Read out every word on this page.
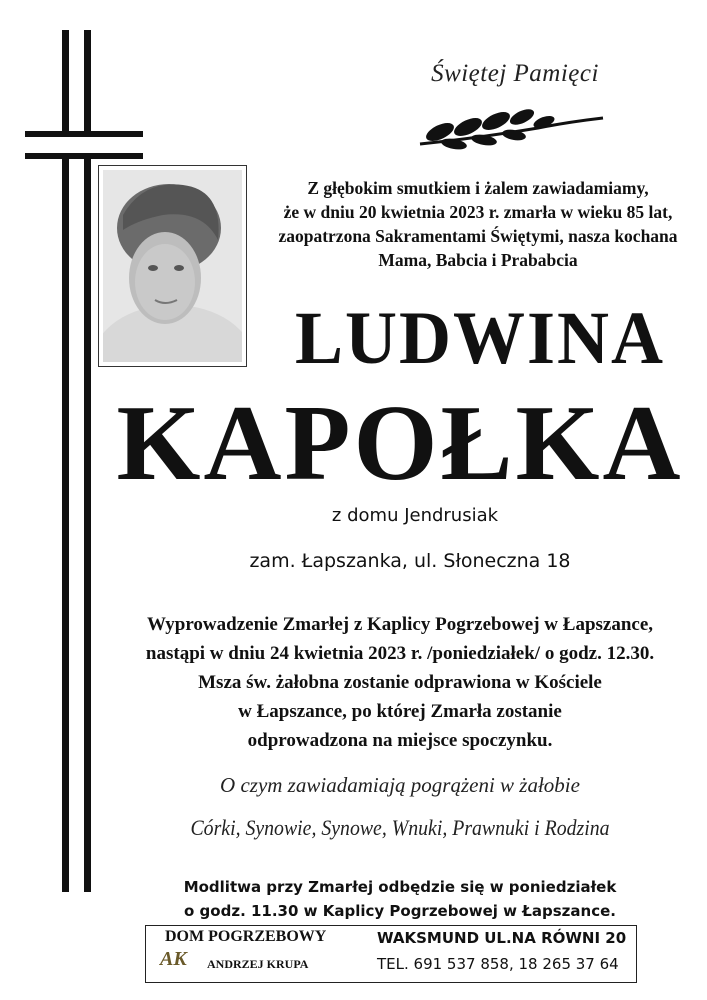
Świętej Pamięci
Z głębokim smutkiem i żalem zawiadamiamy,
że w dniu 20 kwietnia 2023 r. zmarła w wieku 85 lat,
zaopatrzona Sakramentami Świętymi, nasza kochana
Mama, Babcia i Prababcia
LUDWINA
KAPOŁKA
z domu Jendrusiak
zam. Łapszanka, ul. Słoneczna 18
Wyprowadzenie Zmarłej z Kaplicy Pogrzebowej w Łapszance,
nastąpi w dniu 24 kwietnia 2023 r. /poniedziałek/ o godz. 12.30.
Msza św. żałobna zostanie odprawiona w Kościele
w Łapszance, po której Zmarła zostanie
odprowadzona na miejsce spoczynku.
O czym zawiadamiają pogrążeni w żałobie
Córki, Synowie, Synowe, Wnuki, Prawnuki i Rodzina
Modlitwa przy Zmarłej odbędzie się w poniedziałek
o godz. 11.30 w Kaplicy Pogrzebowej w Łapszance.
DOM POGRZEBOWY
AK ANDRZEJ KRUPA
WAKSMUND UL.NA RÓWNI 20
TEL. 691 537 858, 18 265 37 64
